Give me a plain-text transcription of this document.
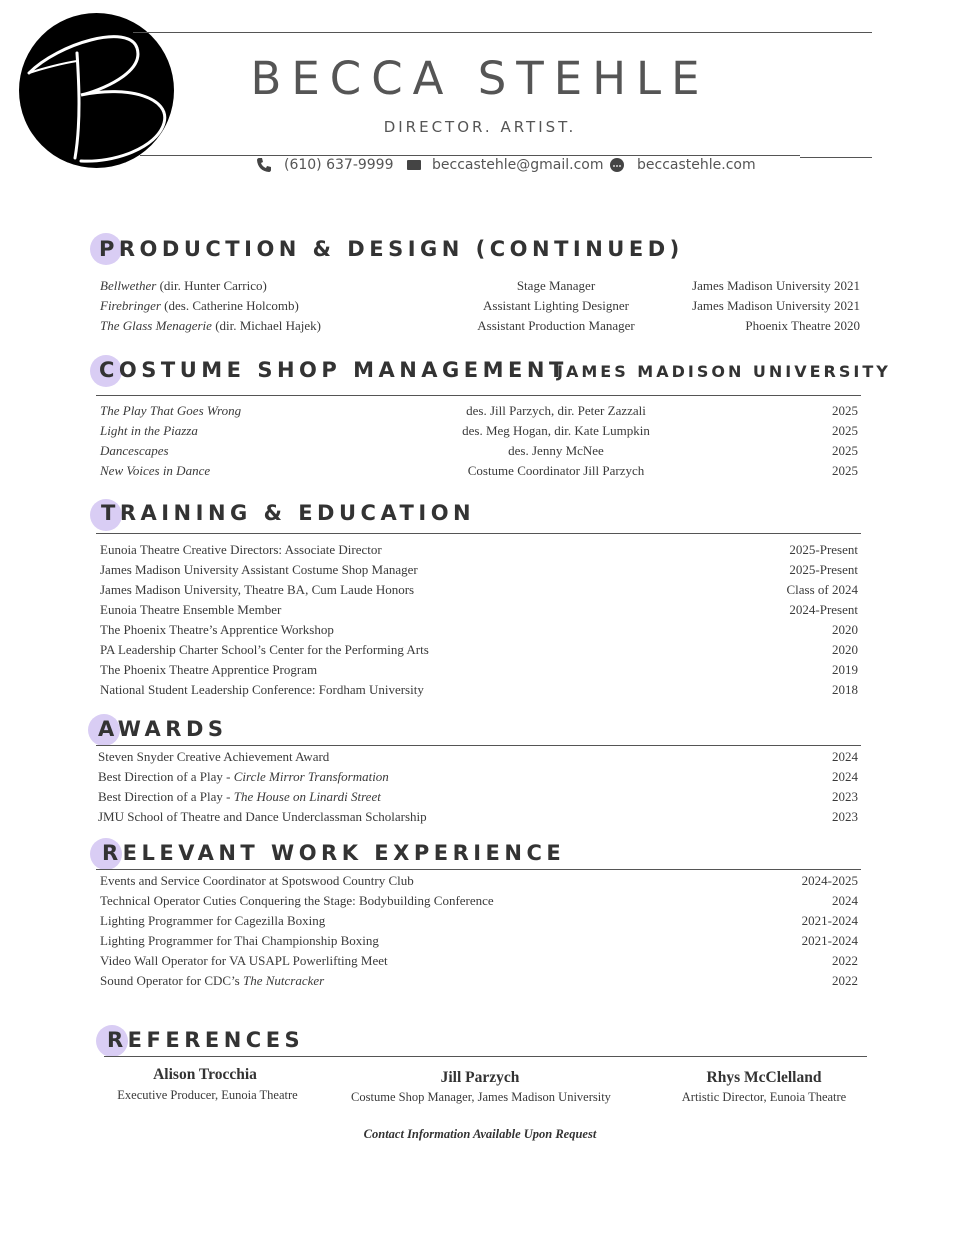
BECCA STEHLE
DIRECTOR. ARTIST.
(610) 637-9999	beccastehle@gmail.com beccastehle.com
PRODUCTION & DESIGN (CONTINUED)
Bellwether (dir. Hunter Carrico)	Stage Manager	James Madison University 2021
Firebringer (des. Catherine Holcomb)	Assistant Lighting Designer	James Madison University 2021
The Glass Menagerie (dir. Michael Hajek)	Assistant Production Manager	Phoenix Theatre 2020
COSTUME SHOP MANAGEMENT
JAMES MADISON UNIVERSITY
The Play That Goes Wrong	des. Jill Parzych, dir. Peter Zazzali	2025
Light in the Piazza	des. Meg Hogan, dir. Kate Lumpkin	2025
Dancescapes	des. Jenny McNee	2025
New Voices in Dance	Costume Coordinator Jill Parzych	2025
TRAINING & EDUCATION
Eunoia Theatre Creative Directors: Associate Director	2025-Present
James Madison University Assistant Costume Shop Manager	2025-Present
James Madison University, Theatre BA, Cum Laude Honors	Class of 2024
Eunoia Theatre Ensemble Member	2024-Present
The Phoenix Theatre’s Apprentice Workshop	2020
PA Leadership Charter School’s Center for the Performing Arts	2020
The Phoenix Theatre Apprentice Program	2019
National Student Leadership Conference: Fordham University	2018
AWARDS
Steven Snyder Creative Achievement Award	2024
Best Direction of a Play - Circle Mirror Transformation	2024
Best Direction of a Play - The House on Linardi Street	2023
JMU School of Theatre and Dance Underclassman Scholarship	2023
RELEVANT WORK EXPERIENCE
Events and Service Coordinator at Spotswood Country Club	2024-2025
Technical Operator Cuties Conquering the Stage: Bodybuilding Conference	2024
Lighting Programmer for Cagezilla Boxing	2021-2024
Lighting Programmer for Thai Championship Boxing	2021-2024
Video Wall Operator for VA USAPL Powerlifting Meet	2022
Sound Operator for CDC’s The Nutcracker	2022
REFERENCES
Alison Trocchia
Executive Producer, Eunoia Theatre
Jill Parzych
Costume Shop Manager, James Madison University
Rhys McClelland
Artistic Director, Eunoia Theatre
Contact Information Available Upon Request
